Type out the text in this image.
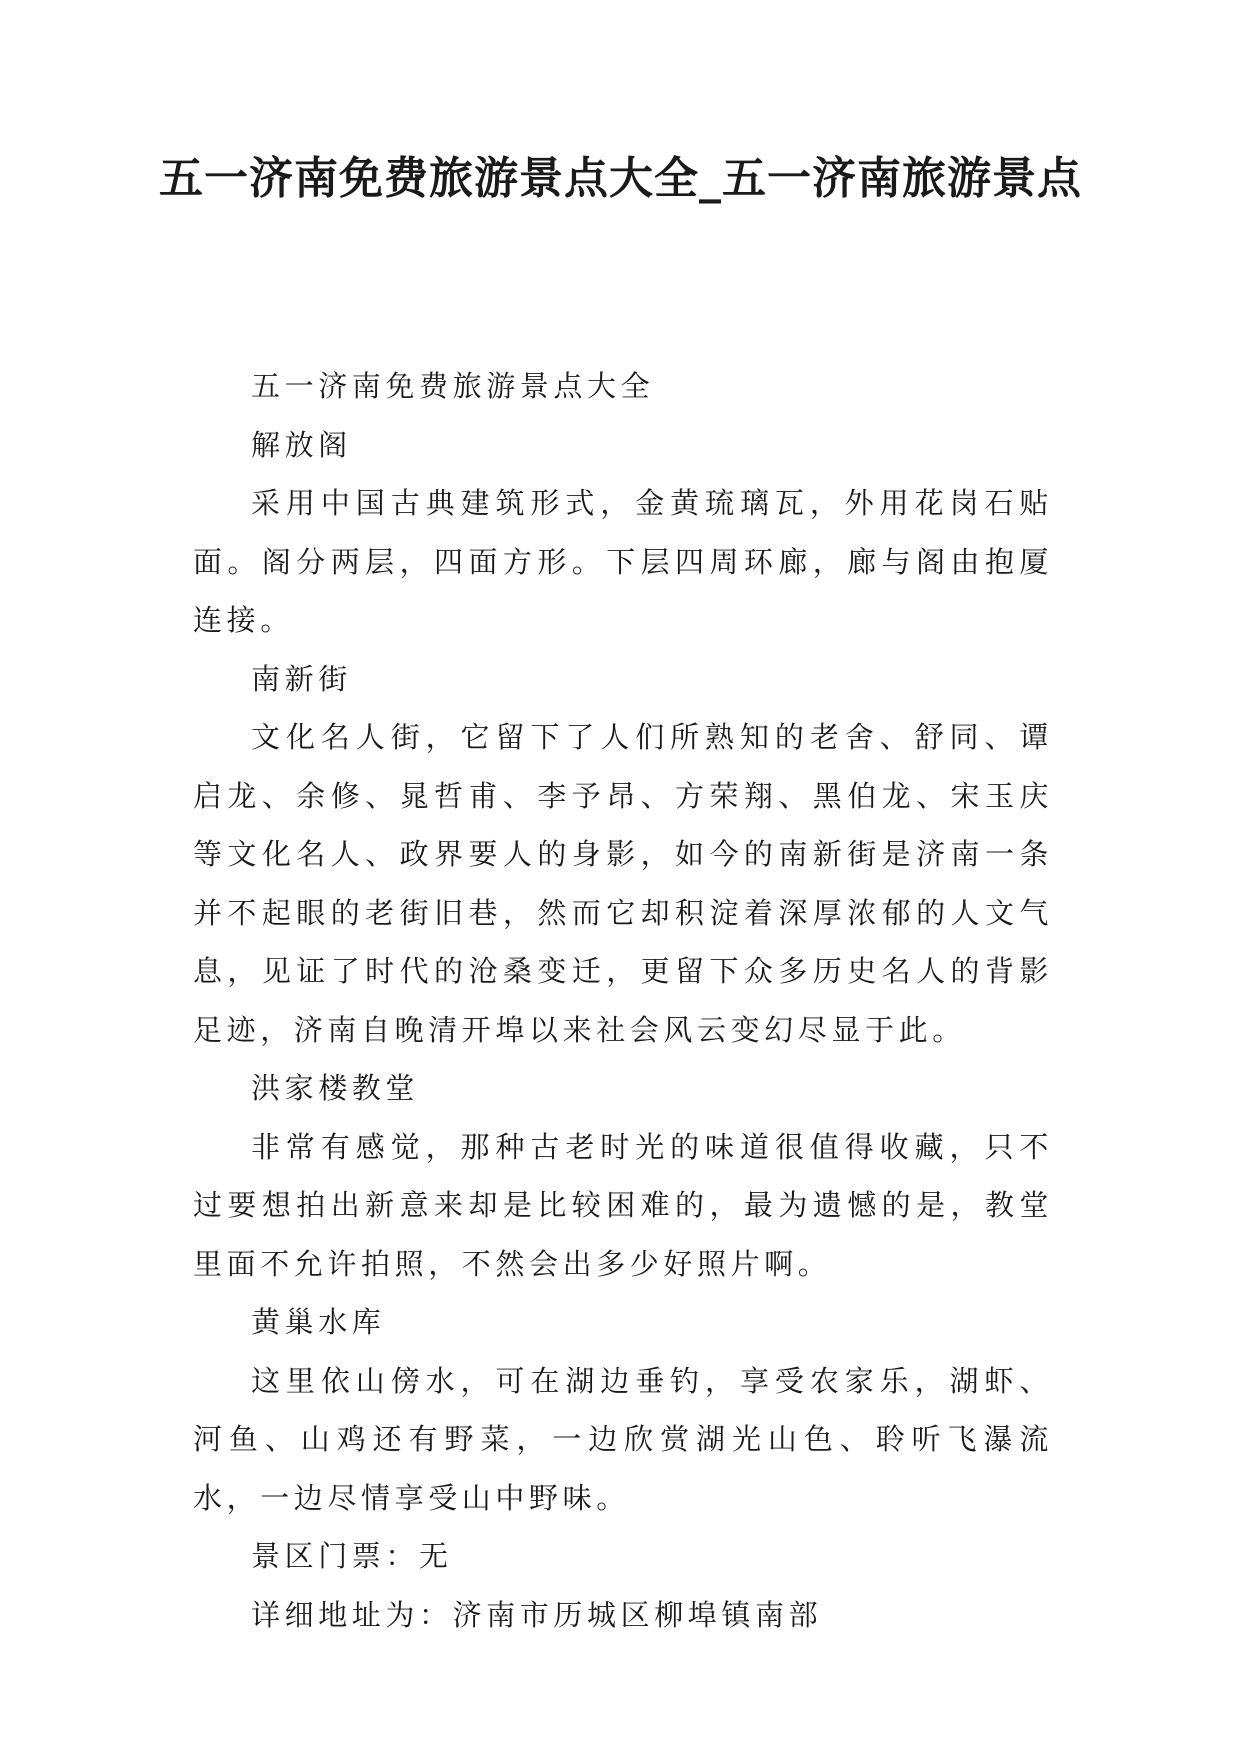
五一济南免费旅游景点大全_五一济南旅游景点

五一济南免费旅游景点大全

解放阁

采用中国古典建筑形式，金黄琉璃瓦，外用花岗石贴面。阁分两层，四面方形。下层四周环廊，廊与阁由抱厦连接。

南新街

文化名人街，它留下了人们所熟知的老舍、舒同、谭启龙、余修、晁哲甫、李予昂、方荣翔、黑伯龙、宋玉庆等文化名人、政界要人的身影，如今的南新街是济南一条并不起眼的老街旧巷，然而它却积淀着深厚浓郁的人文气息，见证了时代的沧桑变迁，更留下众多历史名人的背影足迹，济南自晚清开埠以来社会风云变幻尽显于此。

洪家楼教堂

非常有感觉，那种古老时光的味道很值得收藏，只不过要想拍出新意来却是比较困难的，最为遗憾的是，教堂里面不允许拍照，不然会出多少好照片啊。

黄巢水库

这里依山傍水，可在湖边垂钓，享受农家乐，湖虾、河鱼、山鸡还有野菜，一边欣赏湖光山色、聆听飞瀑流水，一边尽情享受山中野味。

景区门票：无

详细地址为：济南市历城区柳埠镇南部
